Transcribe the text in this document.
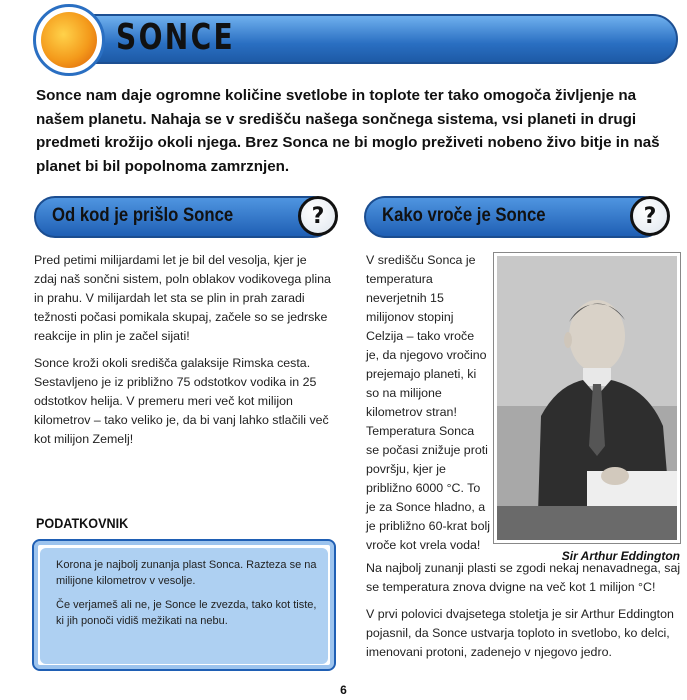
SONCE
Sonce nam daje ogromne količine svetlobe in toplote ter tako omogoča življenje na našem planetu. Nahaja se v središču našega sončnega sistema, vsi planeti in drugi predmeti krožijo okoli njega. Brez Sonca ne bi moglo preživeti nobeno živo bitje in naš planet bi bil popolnoma zamrznjen.
Od kod je prišlo Sonce	?	Kako vroče je Sonce	?

Pred petimi milijardami let je bil del vesolja, kjer je zdaj naš sončni sistem, poln oblakov vodikovega plina in prahu. V milijardah let sta se plin in prah zaradi težnosti počasi pomikala skupaj, začele so se jedrske reakcije in plin je začel sijati!

Sonce kroži okoli središča galaksije Rimska cesta. Sestavljeno je iz približno 75 odstotkov vodika in 25 odstotkov helija. V premeru meri več kot milijon kilometrov – tako veliko je, da bi vanj lahko stlačili več kot milijon Zemelj!

V središču Sonca je temperatura neverjetnih 15 milijonov stopinj Celzija – tako vroče je, da njegovo vročino prejemajo planeti, ki so na milijone kilometrov stran! Temperatura Sonca se počasi znižuje proti površju, kjer je približno 6000 °C. To je za Sonce hladno, a je približno 60-krat bolj vroče kot vrela voda!

Sir Arthur Eddington

Na najbolj zunanji plasti se zgodi nekaj nenavadnega, saj se temperatura znova dvigne na več kot 1 milijon °C!

V prvi polovici dvajsetega stoletja je sir Arthur Eddington pojasnil, da Sonce ustvarja toploto in svetlobo, ko delci, imenovani protoni, zadenejo v njegovo jedro.

PODATKOVNIK

Korona je najbolj zunanja plast Sonca. Razteza se na milijone kilometrov v vesolje.

Če verjameš ali ne, je Sonce le zvezda, tako kot tiste, ki jih ponoči vidiš mežikati na nebu.

6
